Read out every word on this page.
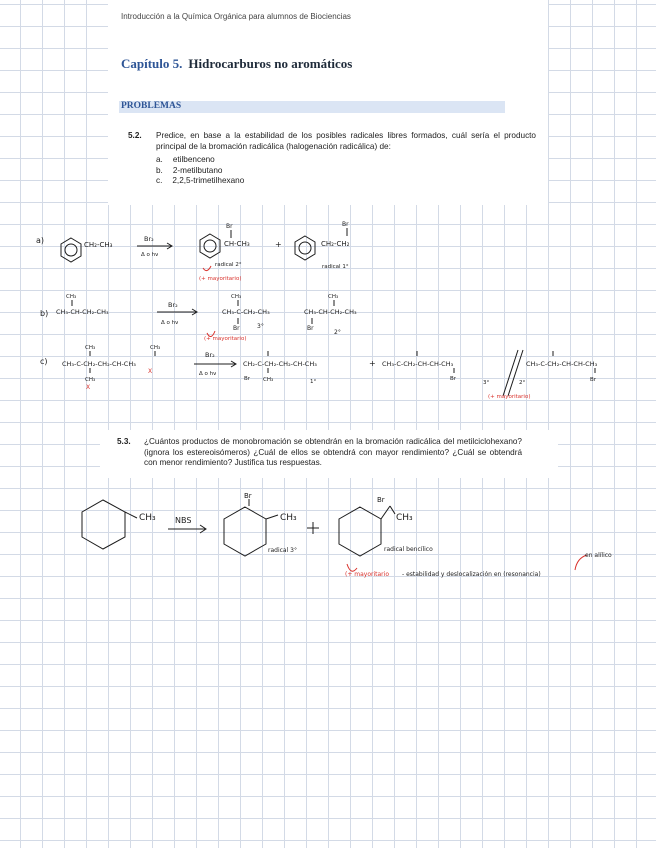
Introducción a la Química Orgánica para alumnos de Biociencias
Capítulo 5. Hidrocarburos no aromáticos
PROBLEMAS
5.2. Predice, en base a la estabilidad de los posibles radicales libres formados, cuál sería el producto principal de la bromación radicálica (halogenación radicálica) de:
a. etilbenceno
b. 2-metilbutano
c. 2,2,5-trimetilhexano
5.3. ¿Cuántos productos de monobromación se obtendrán en la bromación radicálica del metilciclohexano? (ignora los estereoisómeros) ¿Cuál de ellos se obtendrá con mayor rendimiento? ¿Cuál se obtendrá con menor rendimiento? Justifica tus respuestas.
a)	CH₂-CH₃
Br₂
Δ o hν
Br
CH-CH₃
radical 2°
+
(+ mayoritario)
Br
CH₂-CH₂
radical 1°
b)
CH₃
CH₃-CH-CH₂-CH₃
Br₂
Δ o hν
CH₃
CH₃-C-CH₂-CH₃
Br	3°
(+ mayoritario)
CH₃
CH₃-CH-CH₂-CH₃
Br
2°
c)
CH₃	CH₃
CH₃-C-CH₂-CH₂-CH-CH₃
CH₃
X
X
Br₂
Δ o hν
CH₂-C-CH₂-CH₂-CH-CH₃
Br CH₃	1°
+ CH₃-C-CH₂-CH-CH-CH₃
Br
3°
CH₃-C-CH₂-CH-CH-CH₃
Br
2°
(+ mayoritario)
CH₃ NBS
Br
CH₃
radical 3°
Br
CH₃
radical bencílico
(+ mayoritario - estabilidad y deslocalización en (resonancia)
en alílico
